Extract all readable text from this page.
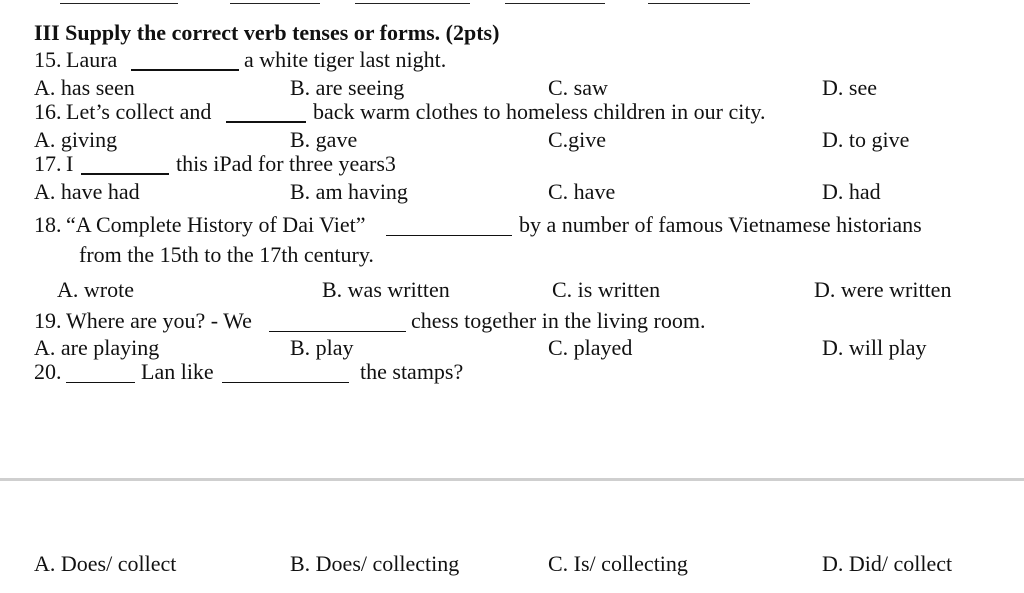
III Supply the correct verb tenses or forms. (2pts)
15. Laura	a white tiger last night.
A. has seen	B. are seeing	C. saw	D. see
16. Let’s collect and	back warm clothes to homeless children in our city.
A. giving	B. gave	C.give	D. to give
17. I	this iPad for three years3
A. have had	B. am having	C. have	D. had
18. “A Complete History of Dai Viet”	by a number of famous Vietnamese historians
from the 15th to the 17th century.
A. wrote	B. was written	C. is written	D. were written
19. Where are you? - We	chess together in the living room.
A. are playing	B. play	C. played	D. will play
20.	Lan like	the stamps?
A. Does/ collect	B. Does/ collecting	C. Is/ collecting	D. Did/ collect
